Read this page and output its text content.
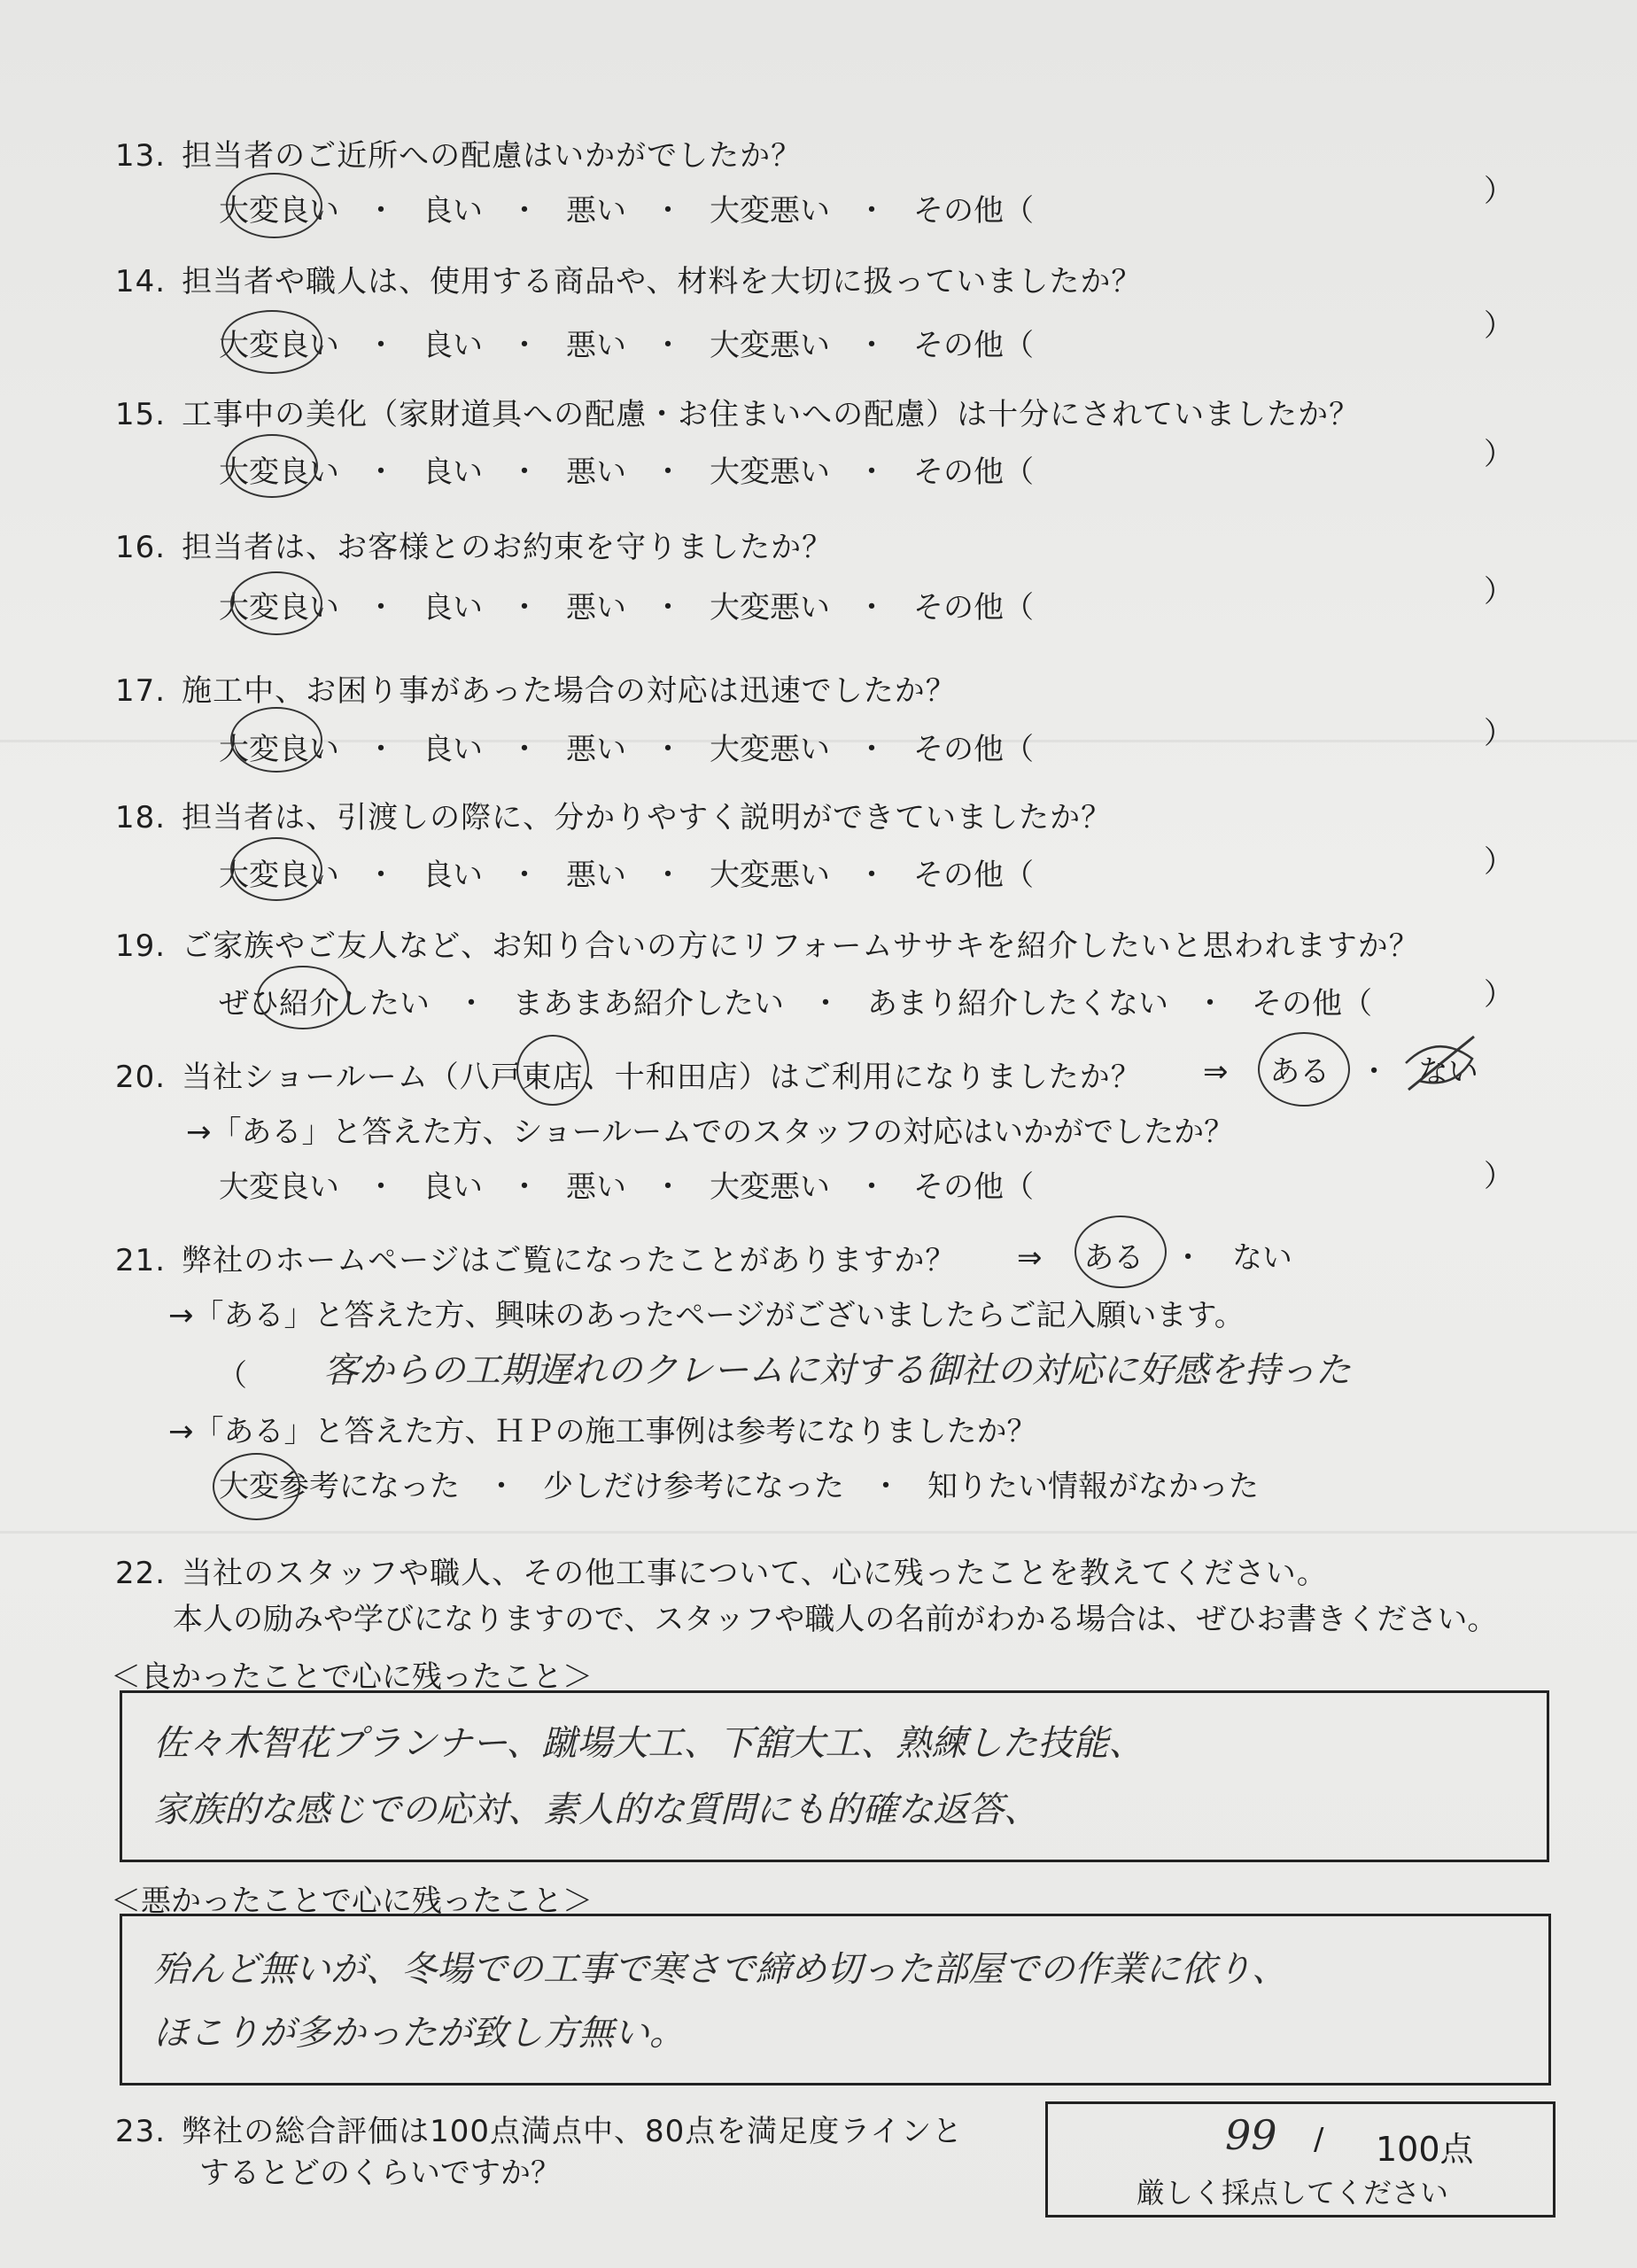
13. 担当者のご近所への配慮はいかがでしたか？
大変良い ・ 良い ・ 悪い ・ 大変悪い ・ その他（
）
14. 担当者や職人は、使用する商品や、材料を大切に扱っていましたか？
大変良い ・ 良い ・ 悪い ・ 大変悪い ・ その他（
）
15. 工事中の美化（家財道具への配慮・お住まいへの配慮）は十分にされていましたか？
大変良い ・ 良い ・ 悪い ・ 大変悪い ・ その他（	）
16. 担当者は、お客様とのお約束を守りましたか？
大変良い ・ 良い ・ 悪い ・ 大変悪い ・ その他（	）
17. 施工中、お困り事があった場合の対応は迅速でしたか？
大変良い ・ 良い ・ 悪い ・ 大変悪い ・ その他（	）
18. 担当者は、引渡しの際に、分かりやすく説明ができていましたか？
大変良い ・ 良い ・ 悪い ・ 大変悪い ・ その他（	）
19. ご家族やご友人など、お知り合いの方にリフォームササキを紹介したいと思われますか？
ぜひ紹介したい ・ まあまあ紹介したい ・ あまり紹介したくない ・ その他（	）
20. 当社ショールーム（八戸東店、十和田店）はご利用になりましたか？ ⇒ ある ・ ない
→「ある」と答えた方、ショールームでのスタッフの対応はいかがでしたか？
大変良い ・ 良い ・ 悪い ・ 大変悪い ・ その他（	）
21. 弊社のホームページはご覧になったことがありますか？ ⇒ ある ・ ない
→「ある」と答えた方、興味のあったページがございましたらご記入願います。
（ 客からの工期遅れのクレームに対する御社の対応に好感を持った
→「ある」と答えた方、ＨＰの施工事例は参考になりましたか？
大変参考になった ・ 少しだけ参考になった ・ 知りたい情報がなかった
22. 当社のスタッフや職人、その他工事について、心に残ったことを教えてください。
本人の励みや学びになりますので、スタッフや職人の名前がわかる場合は、ぜひお書きください。
＜良かったことで心に残ったこと＞
佐々木智花プランナー、蹴場大工、下舘大工、熟練した技能、
家族的な感じでの応対、素人的な質問にも的確な返答、
＜悪かったことで心に残ったこと＞
殆んど無いが、冬場での工事で寒さで締め切った部屋での作業に依り、
ほこりが多かったが致し方無い。
23. 弊社の総合評価は100点満点中、80点を満足度ラインと
するとどのくらいですか？
99 / 100点
厳しく採点してください
